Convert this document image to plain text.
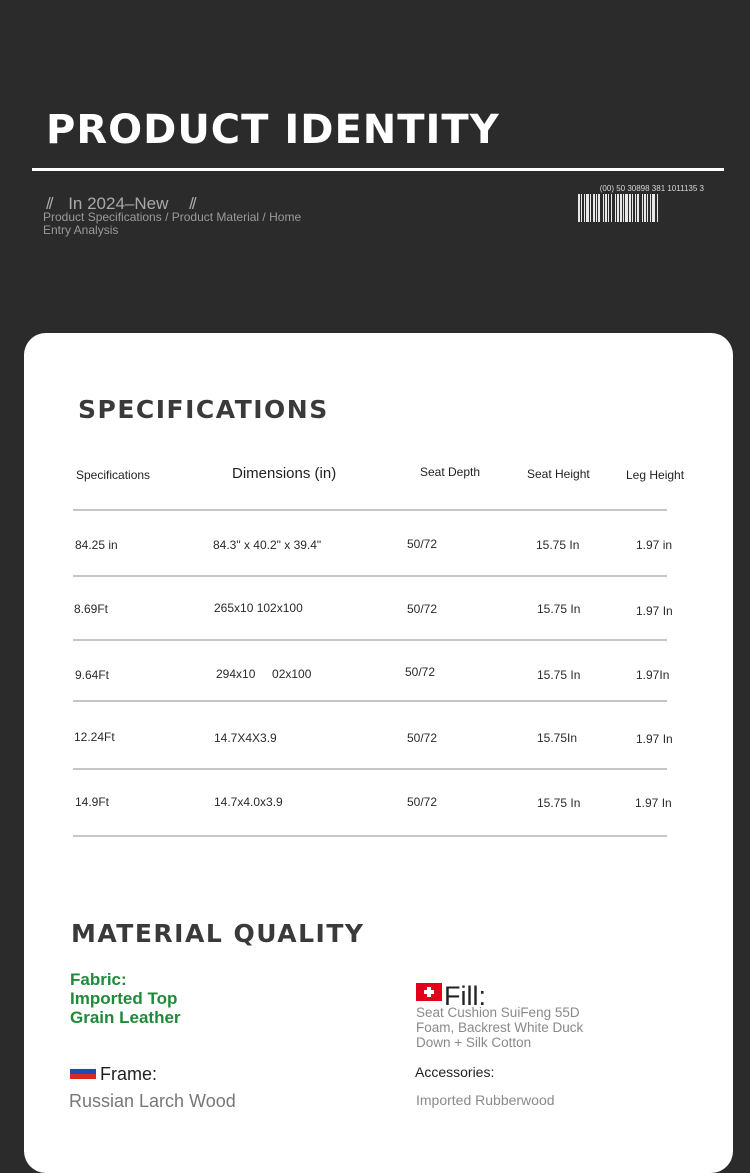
PRODUCT IDENTITY
// In 2024–New //
Product Specifications / Product Material / Home Entry Analysis
(00) 50 30898 381 1011135 3
SPECIFICATIONS
Specifications	Dimensions (in)	Seat Depth	Seat Height	Leg Height
84.25 in	84.3" x 40.2" x 39.4"	50/72	15.75 In	1.97 in
8.69Ft	265x10 102x100	50/72	15.75 In	1.97 In
9.64Ft	294x10     02x100	50/72	15.75 In	1.97In
12.24Ft	14.7X4X3.9	50/72	15.75In	1.97 In
14.9Ft	14.7x4.0x3.9	50/72	15.75 In	1.97 In
MATERIAL QUALITY
Fabric: Imported Top Grain Leather
Fill:
Seat Cushion SuiFeng 55D Foam, Backrest White Duck Down + Silk Cotton
Frame:
Russian Larch Wood
Accessories:
Imported Rubberwood
